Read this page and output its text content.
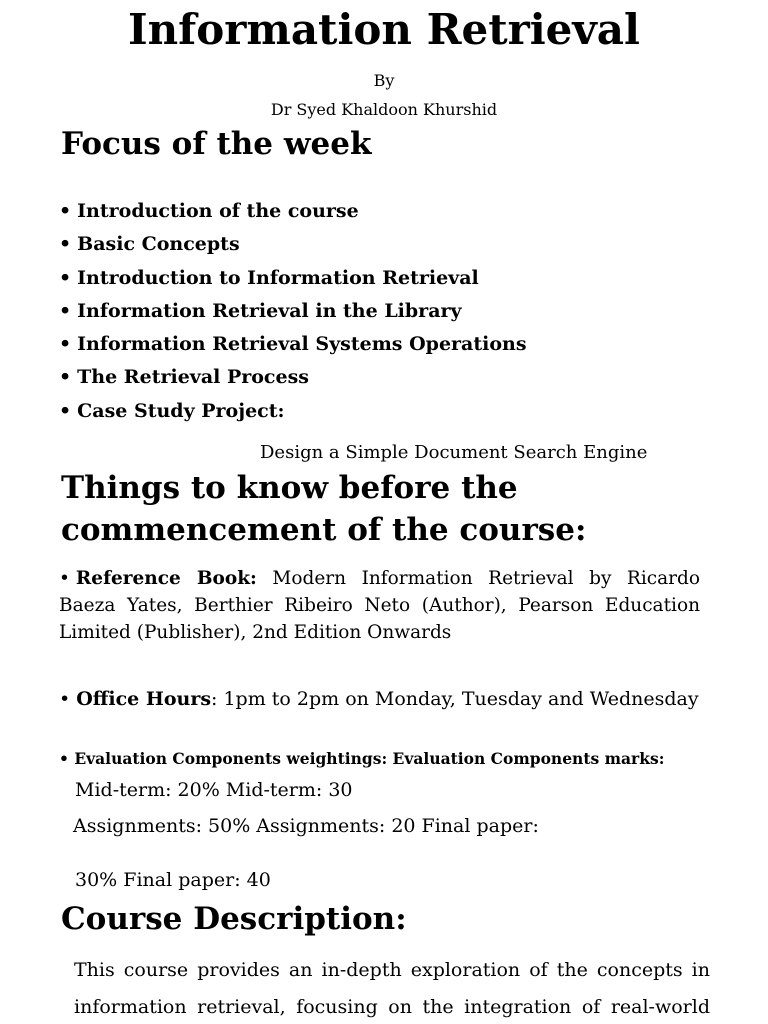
Information Retrieval
By
Dr Syed Khaldoon Khurshid
Focus of the week
• Introduction of the course
• Basic Concepts
• Introduction to Information Retrieval
• Information Retrieval in the Library
• Information Retrieval Systems Operations
• The Retrieval Process
• Case Study Project:
Design a Simple Document Search Engine
Things to know before the commencement of the course:
• Reference Book: Modern Information Retrieval by Ricardo Baeza Yates, Berthier Ribeiro Neto (Author), Pearson Education Limited (Publisher), 2nd Edition Onwards
• Office Hours: 1pm to 2pm on Monday, Tuesday and Wednesday
• Evaluation Components weightings: Evaluation Components marks:
Mid-term: 20% Mid-term: 30
Assignments: 50% Assignments: 20 Final paper:
30% Final paper: 40
Course Description:
This course provides an in-depth exploration of the concepts in information retrieval, focusing on the integration of real-world
